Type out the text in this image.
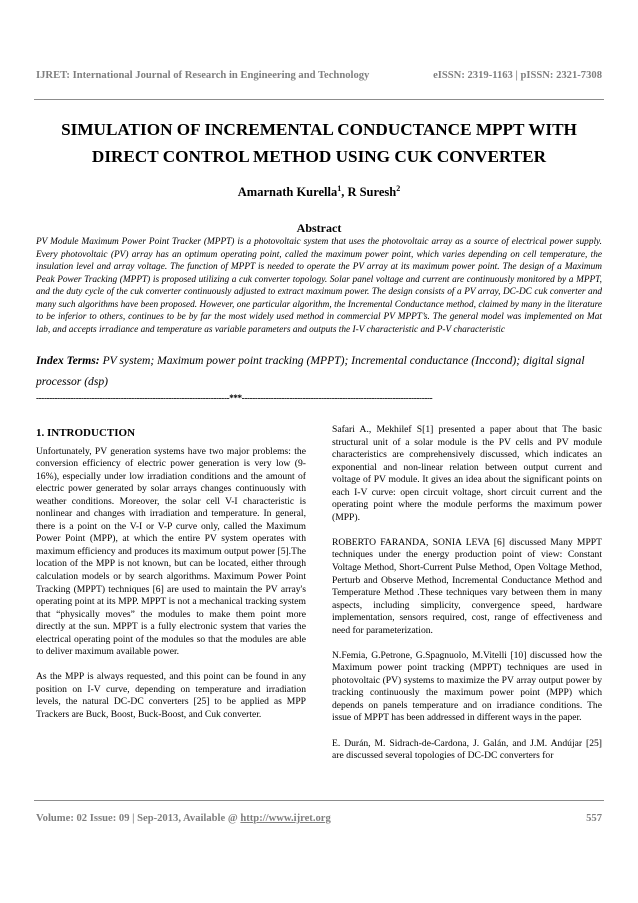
IJRET: International Journal of Research in Engineering and Technology	eISSN: 2319-1163 | pISSN: 2321-7308
SIMULATION OF INCREMENTAL CONDUCTANCE MPPT WITH
DIRECT CONTROL METHOD USING CUK CONVERTER
Amarnath Kurella$^1$, R Suresh$^2$
Abstract
PV Module Maximum Power Point Tracker (MPPT) is a photovoltaic system that uses the photovoltaic array as a source of electrical power supply. Every photovoltaic (PV) array has an optimum operating point, called the maximum power point, which varies depending on cell temperature, the insulation level and array voltage. The function of MPPT is needed to operate the PV array at its maximum power point. The design of a Maximum Peak Power Tracking (MPPT) is proposed utilizing a cuk converter topology. Solar panel voltage and current are continuously monitored by a MPPT, and the duty cycle of the cuk converter continuously adjusted to extract maximum power. The design consists of a PV array, DC-DC cuk converter and many such algorithms have been proposed. However, one particular algorithm, the Incremental Conductance method, claimed by many in the literature to be inferior to others, continues to be by far the most widely used method in commercial PV MPPT’s. The general model was implemented on Mat lab, and accepts irradiance and temperature as variable parameters and outputs the I-V characteristic and P-V characteristic
Index Terms: PV system; Maximum power point tracking (MPPT); Incremental conductance (Inccond); digital signal processor (dsp)
-------------------------------------------------------------------------***------------------------------------------------------------------------
1. INTRODUCTION

Unfortunately, PV generation systems have two major problems: the conversion efficiency of electric power generation is very low (9-16%), especially under low irradiation conditions and the amount of electric power generated by solar arrays changes continuously with weather conditions. Moreover, the solar cell V-I characteristic is nonlinear and changes with irradiation and temperature. In general, there is a point on the V-I or V-P curve only, called the Maximum Power Point (MPP), at which the entire PV system operates with maximum efficiency and produces its maximum output power [5].The location of the MPP is not known, but can be located, either through calculation models or by search algorithms. Maximum Power Point Tracking (MPPT) techniques [6] are used to maintain the PV array's operating point at its MPP. MPPT is not a mechanical tracking system that “physically moves” the modules to make them point more directly at the sun. MPPT is a fully electronic system that varies the electrical operating point of the modules so that the modules are able to deliver maximum available power.

As the MPP is always requested, and this point can be found in any position on I-V curve, depending on temperature and irradiation levels, the natural DC-DC converters [25] to be applied as MPP Trackers are Buck, Boost, Buck-Boost, and Cuk converter.

Safari A., Mekhilef S[1] presented a paper about that The basic structural unit of a solar module is the PV cells and PV module characteristics are comprehensively discussed, which indicates an exponential and non-linear relation between output current and voltage of PV module. It gives an idea about the significant points on each I-V curve: open circuit voltage, short circuit current and the operating point where the module performs the maximum power (MPP).

ROBERTO FARANDA, SONIA LEVA [6] discussed Many MPPT techniques under the energy production point of view: Constant Voltage Method, Short-Current Pulse Method, Open Voltage Method, Perturb and Observe Method, Incremental Conductance Method and Temperature Method .These techniques vary between them in many aspects, including simplicity, convergence speed, hardware implementation, sensors required, cost, range of effectiveness and need for parameterization.

N.Femia, G.Petrone, G.Spagnuolo, M.Vitelli [10] discussed how the Maximum power point tracking (MPPT) techniques are used in photovoltaic (PV) systems to maximize the PV array output power by tracking continuously the maximum power point (MPP) which depends on panels temperature and on irradiance conditions. The issue of MPPT has been addressed in different ways in the paper.

E. Durán, M. Sidrach-de-Cardona, J. Galán, and J.M. Andújar [25] are discussed several topologies of DC-DC converters for

Volume: 02 Issue: 09 | Sep-2013, Available @ http://www.ijret.org	557
